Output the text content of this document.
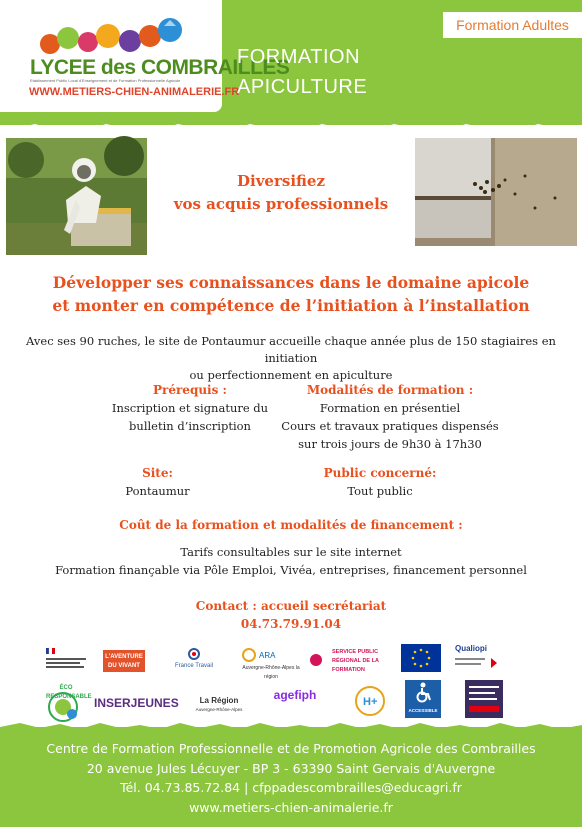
LYCEE des COMBRAILLES
Etablissement Public Local d'Enseignement et de Formation Professionnelle Agricole
WWW.METIERS-CHIEN-ANIMALERIE.FR
Formation Adultes
FORMATION
APICULTURE
Diversifiez
vos acquis professionnels
Développer ses connaissances dans le domaine apicole
et monter en compétence de l’initiation à l’installation
Avec ses 90 ruches, le site de Pontaumur accueille chaque année plus de 150 stagiaires en initiation
ou perfectionnement en apiculture
Prérequis :
Inscription et signature du
bulletin d’inscription
Modalités de formation :
Formation en présentiel
Cours et travaux pratiques dispensés
sur trois jours de 9h30 à 17h30
Site:
Pontaumur
Public concerné:
Tout public
Coût de la formation et modalités de financement :
Tarifs consultables sur le site internet
Formation finançable via Pôle Emploi, Vivéa, entreprises, financement personnel
Contact : accueil secrétariat
04.73.79.91.04
L'AVENTURE DU VIVANT	France Travail
ARA
Auvergne-Rhône-Alpes la région
SERVICE PUBLIC RÉGIONAL DE LA FORMATION
Qualiopi
ÉCO RESPONSABLE INSERJEUNES	La Région
Auvergne-Rhône-Alpes
agefiph	H+
ACCESSIBLE
Centre de Formation Professionnelle et de Promotion Agricole des Combrailles
20 avenue Jules Lécuyer - BP 3 - 63390 Saint Gervais d'Auvergne
Tél. 04.73.85.72.84 | cfppadescombrailles@educagri.fr
www.metiers-chien-animalerie.fr
